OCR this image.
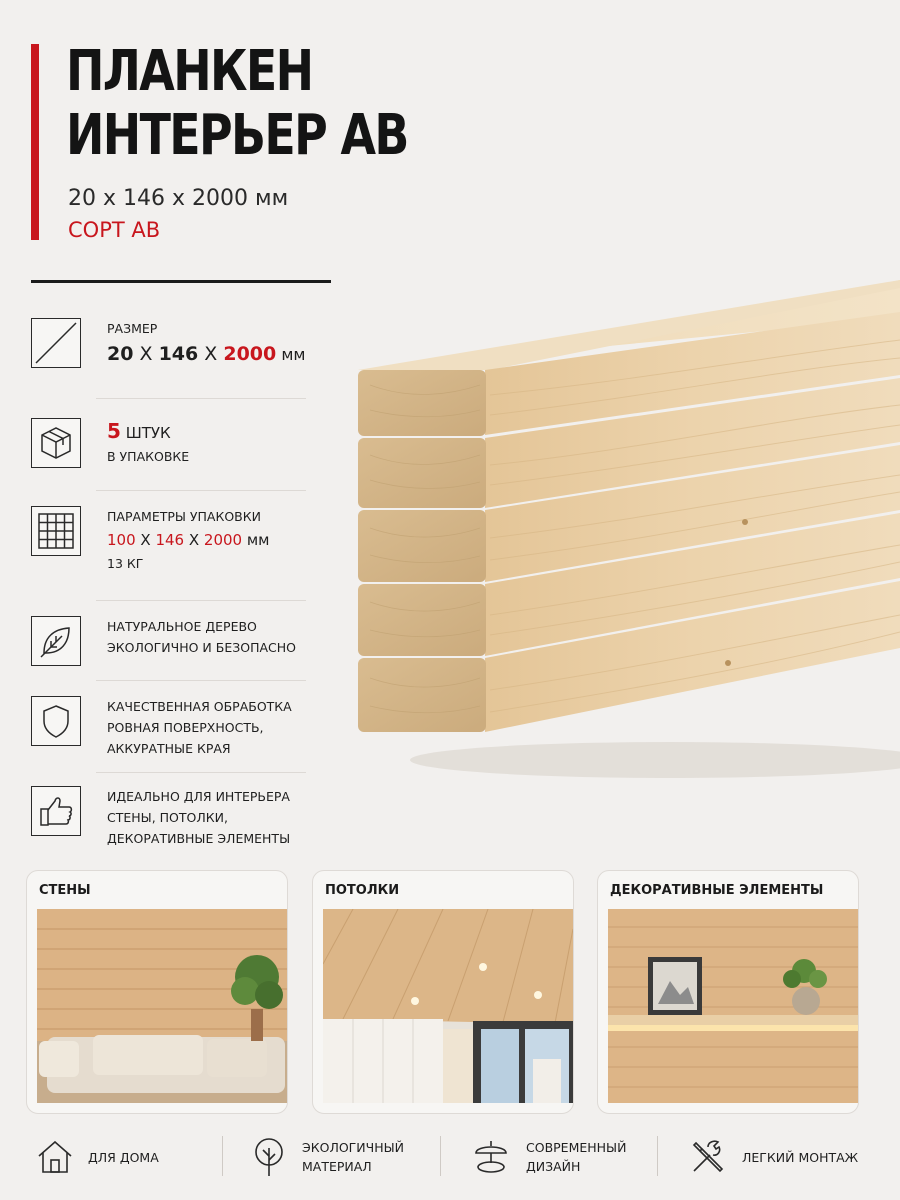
ПЛАНКЕН
ИНТЕРЬЕР АВ
20 х 146 х 2000 мм
СОРТ АВ
РАЗМЕР
20 Х 146 Х 2000 мм
5 ШТУК
В УПАКОВКЕ
ПАРАМЕТРЫ УПАКОВКИ
100 Х 146 Х 2000 мм
13 КГ
НАТУРАЛЬНОЕ ДЕРЕВО
ЭКОЛОГИЧНО И БЕЗОПАСНО
КАЧЕСТВЕННАЯ ОБРАБОТКА
РОВНАЯ ПОВЕРХНОСТЬ,
АККУРАТНЫЕ КРАЯ
ИДЕАЛЬНО ДЛЯ ИНТЕРЬЕРА
СТЕНЫ, ПОТОЛКИ,
ДЕКОРАТИВНЫЕ ЭЛЕМЕНТЫ
СТЕНЫ	ПОТОЛКИ	ДЕКОРАТИВНЫЕ ЭЛЕМЕНТЫ
ДЛЯ ДОМА
ЭКОЛОГИЧНЫЙ
МАТЕРИАЛ
СОВРЕМЕННЫЙ
ДИЗАЙН
ЛЕГКИЙ МОНТАЖ
